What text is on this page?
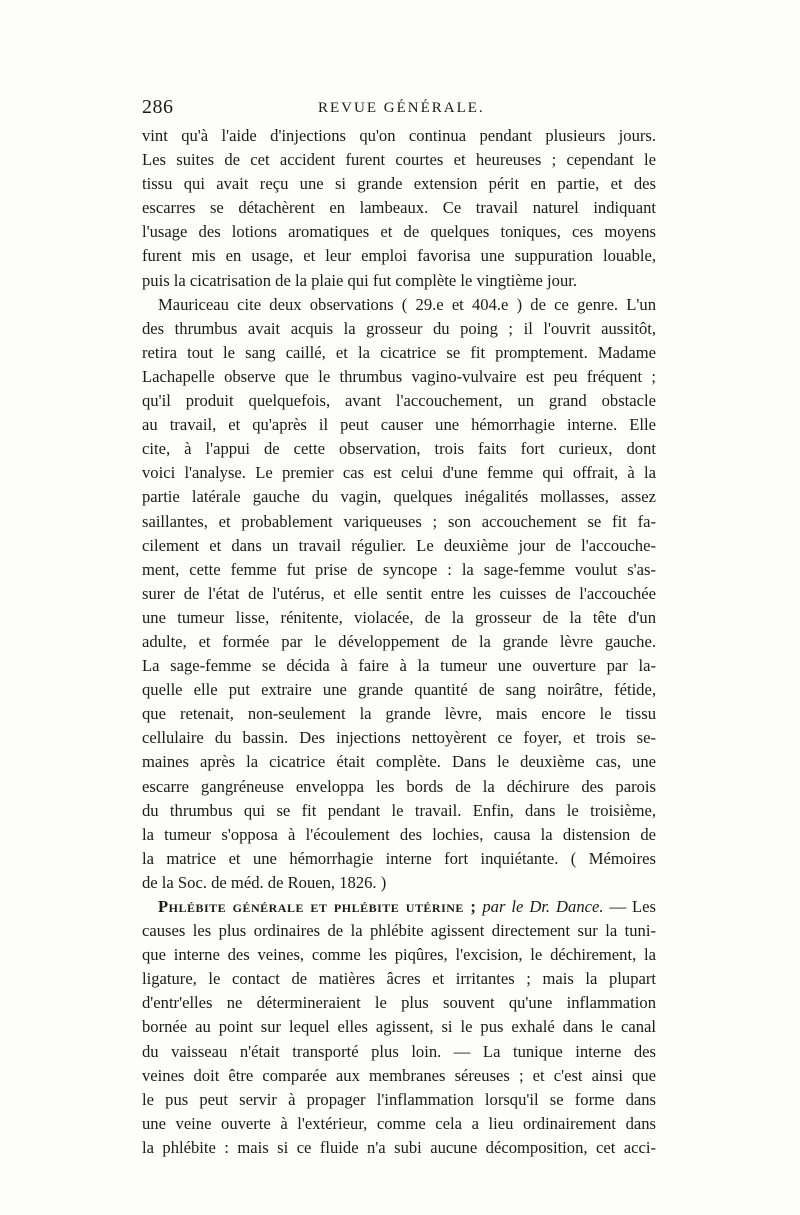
286	REVUE GÉNÉRALE.
vint qu'à l'aide d'injections qu'on continua pendant plusieurs jours.
Les suites de cet accident furent courtes et heureuses ; cependant le
tissu qui avait reçu une si grande extension périt en partie, et des
escarres se détachèrent en lambeaux. Ce travail naturel indiquant
l'usage des lotions aromatiques et de quelques toniques, ces moyens
furent mis en usage, et leur emploi favorisa une suppuration louable,
puis la cicatrisation de la plaie qui fut complète le vingtième jour.
Mauriceau cite deux observations ( 29.e et 404.e ) de ce genre. L'un
des thrumbus avait acquis la grosseur du poing ; il l'ouvrit aussitôt,
retira tout le sang caillé, et la cicatrice se fit promptement. Madame
Lachapelle observe que le thrumbus vagino-vulvaire est peu fréquent ;
qu'il produit quelquefois, avant l'accouchement, un grand obstacle
au travail, et qu'après il peut causer une hémorrhagie interne. Elle
cite, à l'appui de cette observation, trois faits fort curieux, dont
voici l'analyse. Le premier cas est celui d'une femme qui offrait, à la
partie latérale gauche du vagin, quelques inégalités mollasses, assez
saillantes, et probablement variqueuses ; son accouchement se fit fa-
cilement et dans un travail régulier. Le deuxième jour de l'accouche-
ment, cette femme fut prise de syncope : la sage-femme voulut s'as-
surer de l'état de l'utérus, et elle sentit entre les cuisses de l'accouchée
une tumeur lisse, rénitente, violacée, de la grosseur de la tête d'un
adulte, et formée par le développement de la grande lèvre gauche.
La sage-femme se décida à faire à la tumeur une ouverture par la-
quelle elle put extraire une grande quantité de sang noirâtre, fétide,
que retenait, non-seulement la grande lèvre, mais encore le tissu
cellulaire du bassin. Des injections nettoyèrent ce foyer, et trois se-
maines après la cicatrice était complète. Dans le deuxième cas, une
escarre gangréneuse enveloppa les bords de la déchirure des parois
du thrumbus qui se fit pendant le travail. Enfin, dans le troisième,
la tumeur s'opposa à l'écoulement des lochies, causa la distension de
la matrice et une hémorrhagie interne fort inquiétante. ( Mémoires
de la Soc. de méd. de Rouen, 1826. )
Phlébite générale et phlébite utérine ; par le Dr. Dance. — Les
causes les plus ordinaires de la phlébite agissent directement sur la tuni-
que interne des veines, comme les piqûres, l'excision, le déchirement, la
ligature, le contact de matières âcres et irritantes ; mais la plupart
d'entr'elles ne détermineraient le plus souvent qu'une inflammation
bornée au point sur lequel elles agissent, si le pus exhalé dans le canal
du vaisseau n'était transporté plus loin. — La tunique interne des
veines doit être comparée aux membranes séreuses ; et c'est ainsi que
le pus peut servir à propager l'inflammation lorsqu'il se forme dans
une veine ouverte à l'extérieur, comme cela a lieu ordinairement dans
la phlébite : mais si ce fluide n'a subi aucune décomposition, cet acci-
